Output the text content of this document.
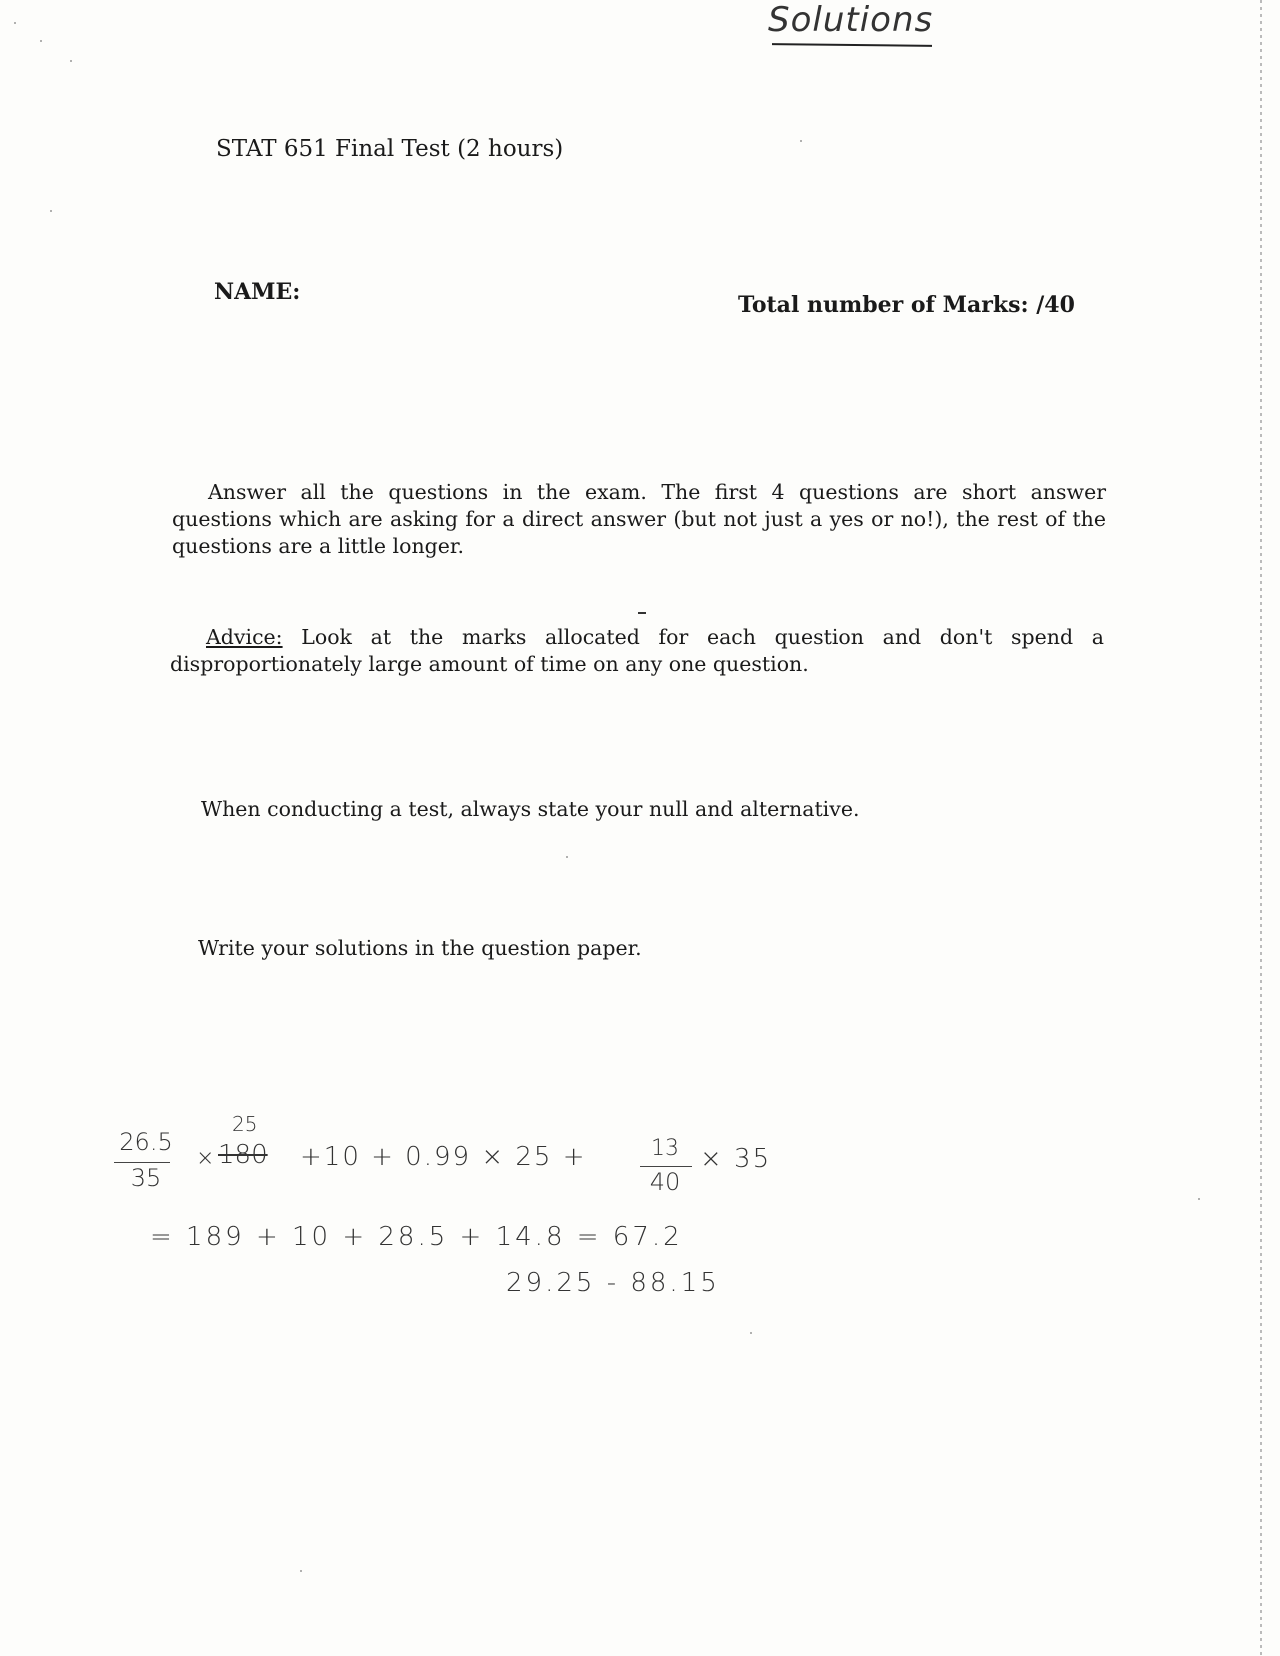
Solutions
STAT 651 Final Test (2 hours)
NAME:	Total number of Marks: /40
Answer all the questions in the exam. The first 4 questions are short answer questions which are asking for a direct answer (but not just a yes or no!), the rest of the questions are a little longer.
Advice: Look at the marks allocated for each question and don't spend a disproportionately large amount of time on any one question.
When conducting a test, always state your null and alternative.
Write your solutions in the question paper.
26.5
35
25
× 180 +10 + 0.99 × 25 +	13
40
× 35
= 189 + 10 + 28.5 + 14.8 = 67.2
29.25 - 88.15
